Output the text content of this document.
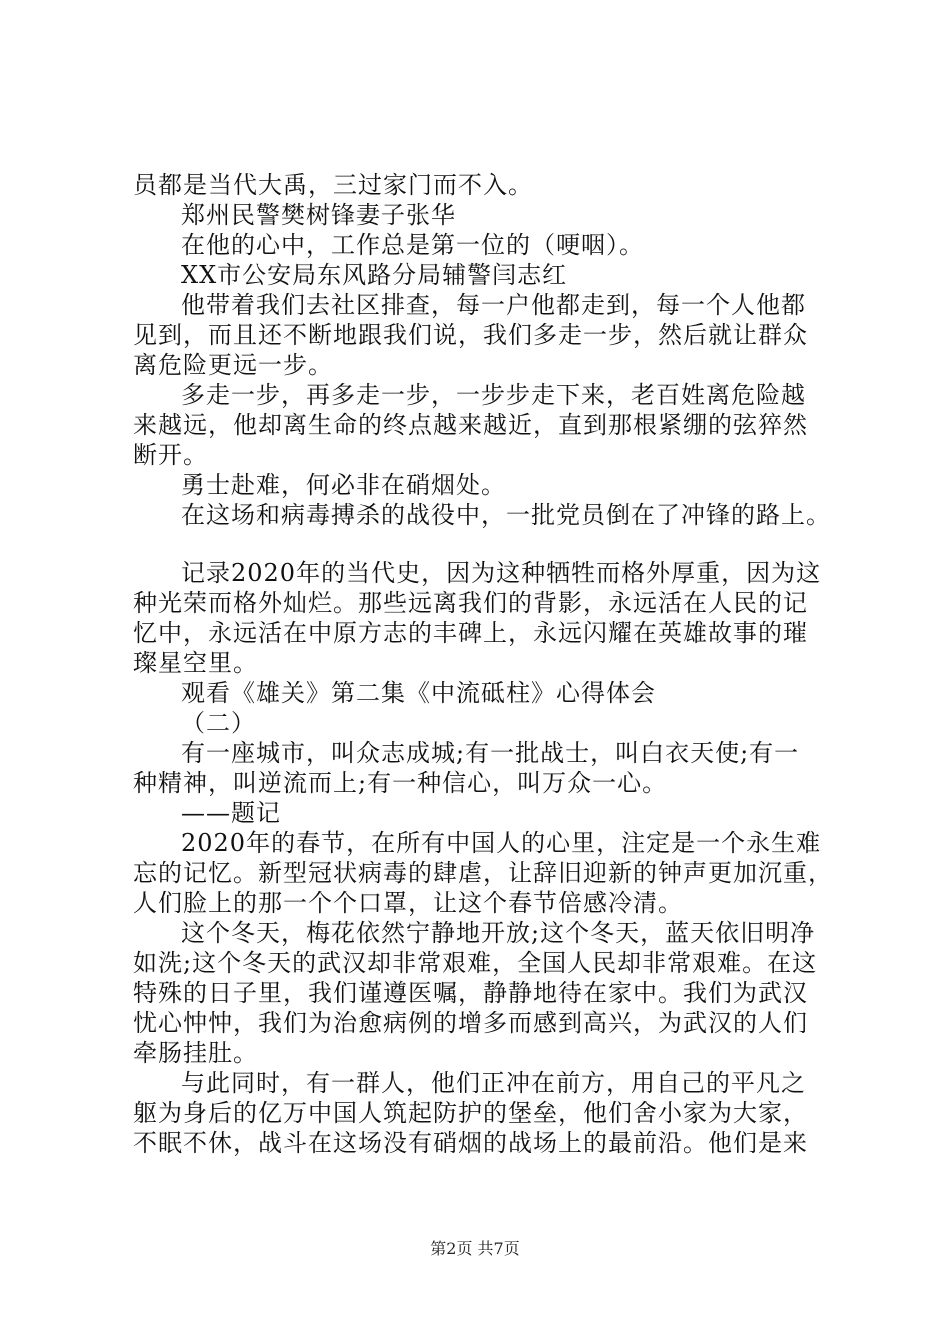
员都是当代大禹，三过家门而不入。
郑州民警樊树锋妻子张华
在他的心中，工作总是第一位的（哽咽）。
XX市公安局东风路分局辅警闫志红
他带着我们去社区排查，每一户他都走到，每一个人他都
见到，而且还不断地跟我们说，我们多走一步，然后就让群众
离危险更远一步。
多走一步，再多走一步，一步步走下来，老百姓离危险越
来越远，他却离生命的终点越来越近，直到那根紧绷的弦猝然
断开。
勇士赴难，何必非在硝烟处。
在这场和病毒搏杀的战役中，一批党员倒在了冲锋的路上。
记录2020年的当代史，因为这种牺牲而格外厚重，因为这
种光荣而格外灿烂。那些远离我们的背影，永远活在人民的记
忆中，永远活在中原方志的丰碑上，永远闪耀在英雄故事的璀
璨星空里。
观看《雄关》第二集《中流砥柱》心得体会
（二）
有一座城市，叫众志成城;有一批战士，叫白衣天使;有一
种精神，叫逆流而上;有一种信心，叫万众一心。
——题记
2020年的春节，在所有中国人的心里，注定是一个永生难
忘的记忆。新型冠状病毒的肆虐，让辞旧迎新的钟声更加沉重，
人们脸上的那一个个口罩，让这个春节倍感冷清。
这个冬天，梅花依然宁静地开放;这个冬天，蓝天依旧明净
如洗;这个冬天的武汉却非常艰难，全国人民却非常艰难。在这
特殊的日子里，我们谨遵医嘱，静静地待在家中。我们为武汉
忧心忡忡，我们为治愈病例的增多而感到高兴，为武汉的人们
牵肠挂肚。
与此同时，有一群人，他们正冲在前方，用自己的平凡之
躯为身后的亿万中国人筑起防护的堡垒，他们舍小家为大家，
不眠不休，战斗在这场没有硝烟的战场上的最前沿。他们是来
第2页 共7页
